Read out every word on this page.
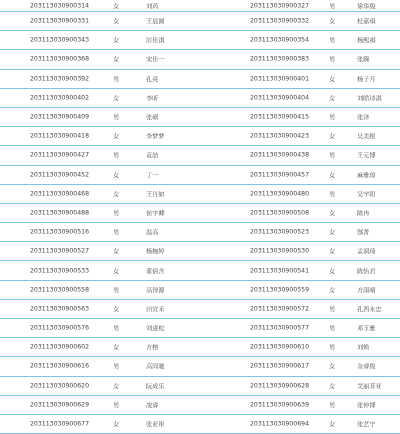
203113030900314	女	刘芮	203113030900327	男	徐华俊
203113030900331	女	王晨圆	203113030900332	女	杜嘉琪
203113030900343	女	厉佳淇	203113030900354	男	杨熙祺
203113030900368	女	宋佳一	203113030900383	男	张腾
203113030900392	男	孔亮	203113030900401	女	杨子月
203113030900402	女	李昕	203113030900404	女	刘皓诗淇
203113030900409	男	张硕	203113030900415	男	张泽
203113030900418	女	李梦梦	203113030900423	女	吴美枢
203113030900427	男	袁喆	203113030900438	男	王元博
203113030900452	女	丁一	203113030900457	女	麻雅琼
203113030900468	女	王丹如	203113030900480	男	吴宇阳
203113030900488	男	侯宇卿	203113030900508	女	陈冉
203113030900516	男	温高	203113030900523	女	郜菁
203113030900527	女	杨婉婷	203113030900530	女	孟润琦
203113030900533	女	董倩含	203113030900541	女	陈怡君
203113030900558	男	高得源	203113030900559	女	方雨晴
203113030900563	女	田宜禾	203113030900572	男	孔西永忠
203113030900576	男	刘进松	203113030900577	男	邓玉雅
203113030900602	女	方榕	203113030900610	男	刘焕
203113030900616	男	高同驰	203113030900617	女	金睿俊
203113030900620	女	阮成乐	203113030900628	女	艾丽菲亚
203113030900629	男	凌睿	203113030900639	男	张仲博
203113030900677	女	张亚彤	203113030900694	女	张艺宁
